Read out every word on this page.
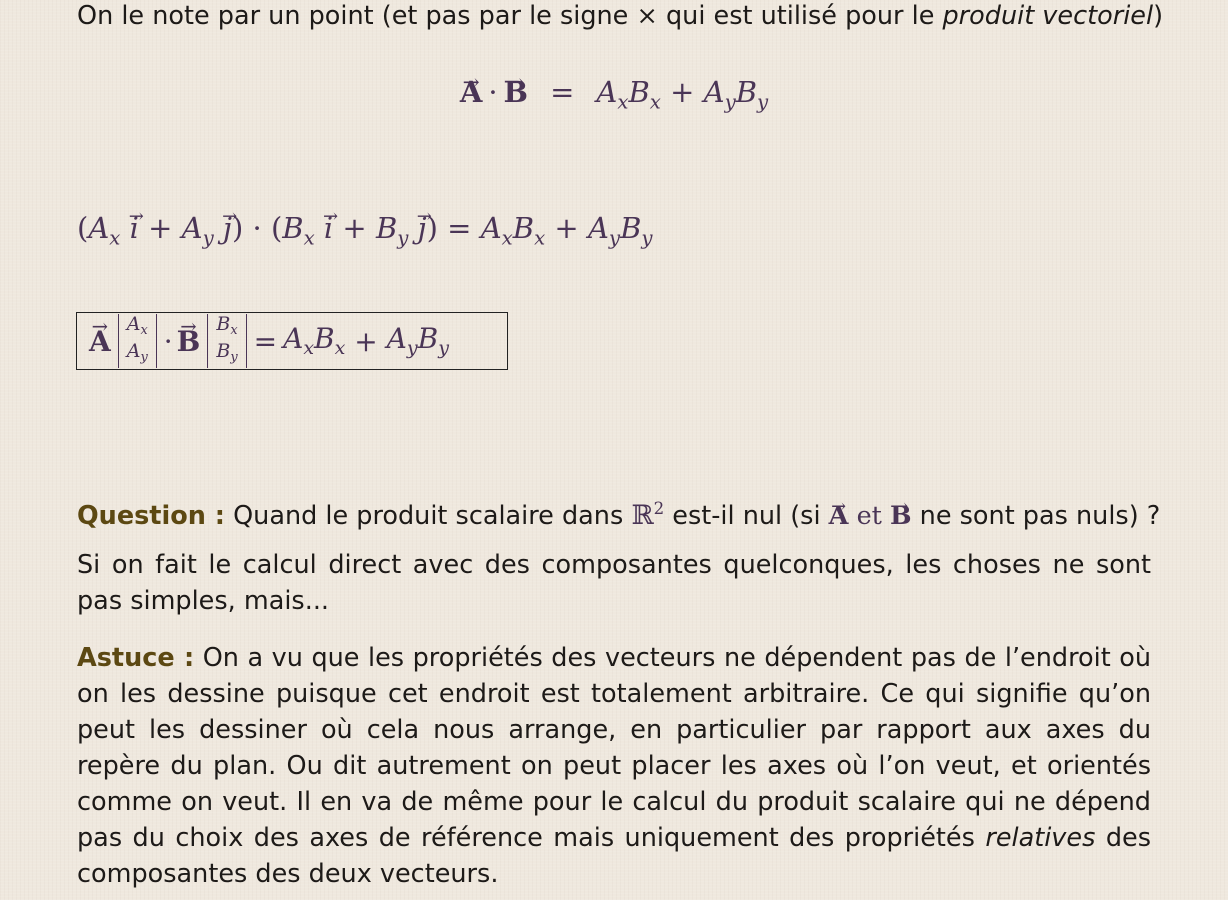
On le note par un point (et pas par le signe × qui est utilisé pour le produit vectoriel)
→ $A \cdot\to B = A_xB_x + A_yB_y$
$(A_x \to i + A_y \to j) \cdot (B_x \to i + B_y \to j) = A_xB_x + A_yB_y$
→ A
$A_x$
$A_y$
·
→ B
$B_x$
$B_y$
= $A_xB_x + A_yB_y$
Question : Quand le produit scalaire dans ℝ$^2$ est-il nul (si → A et → B ne sont pas nuls) ?
Si on fait le calcul direct avec des composantes quelconques, les choses ne sont pas simples, mais...
Astuce : On a vu que les propriétés des vecteurs ne dépendent pas de l’endroit où on les dessine puisque cet endroit est totalement arbitraire. Ce qui signifie qu’on peut les dessiner où cela nous arrange, en particulier par rapport aux axes du repère du plan. Ou dit autrement on peut placer les axes où l’on veut, et orientés comme on veut. Il en va de même pour le calcul du produit scalaire qui ne dépend pas du choix des axes de référence mais uniquement des propriétés relatives des composantes des deux vecteurs.
